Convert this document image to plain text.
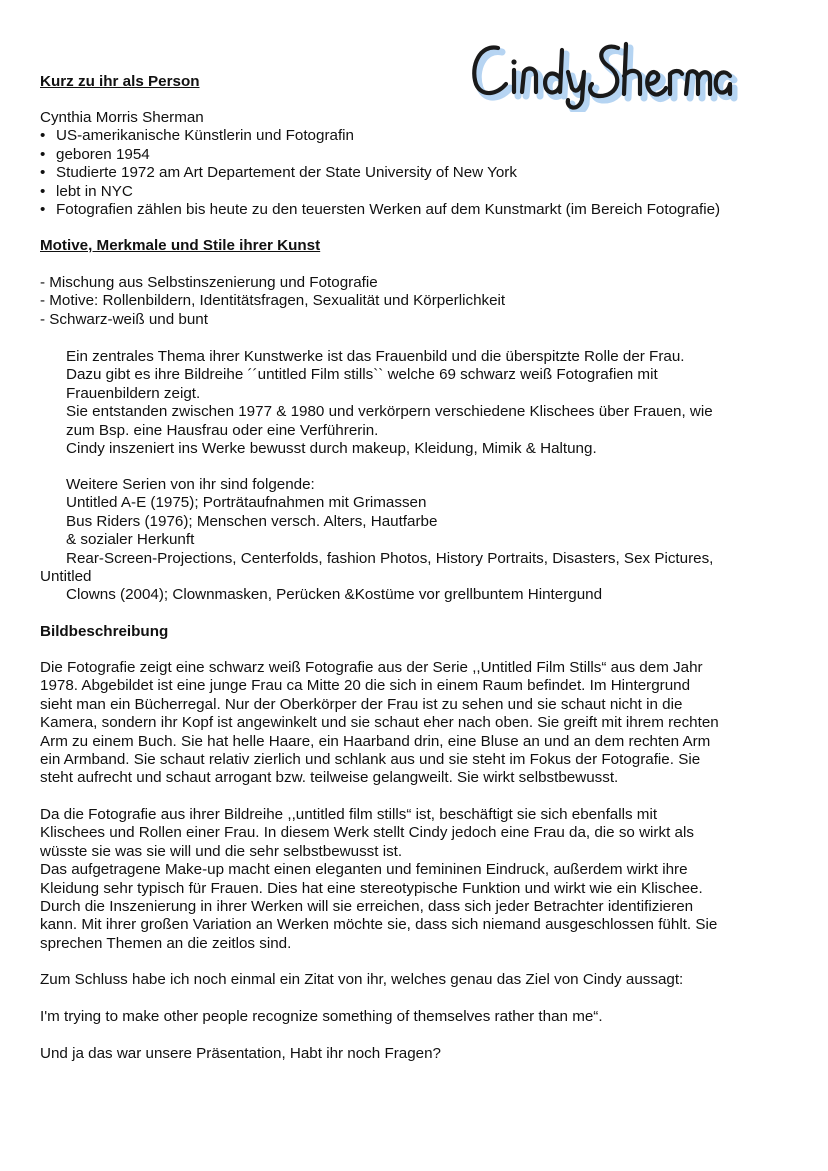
Kurz zu ihr als Person
Cynthia Morris Sherman
• US-amerikanische Künstlerin und Fotografin
• geboren 1954
• Studierte 1972 am Art Departement der State University of New York
• lebt in NYC
• Fotografien zählen bis heute zu den teuersten Werken auf dem Kunstmarkt (im Bereich Fotografie)
Motive, Merkmale und Stile ihrer Kunst
- Mischung aus Selbstinszenierung und Fotografie
- Motive: Rollenbildern, Identitätsfragen, Sexualität und Körperlichkeit
- Schwarz-weiß und bunt
Ein zentrales Thema ihrer Kunstwerke ist das Frauenbild und die überspitzte Rolle der Frau.
Dazu gibt es ihre Bildreihe ´´untitled Film stills`` welche 69 schwarz weiß Fotografien mit
Frauenbildern zeigt.
Sie entstanden zwischen 1977 & 1980 und verkörpern verschiedene Klischees über Frauen, wie
zum Bsp. eine Hausfrau oder eine Verführerin.
Cindy inszeniert ins Werke bewusst durch makeup, Kleidung, Mimik & Haltung.
Weitere Serien von ihr sind folgende:
Untitled A-E (1975); Porträtaufnahmen mit Grimassen
Bus Riders (1976); Menschen versch. Alters, Hautfarbe
& sozialer Herkunft
Rear-Screen-Projections, Centerfolds, fashion Photos, History Portraits, Disasters, Sex Pictures,
Untitled
Clowns (2004); Clownmasken, Perücken &Kostüme vor grellbuntem Hintergund
Bildbeschreibung
Die Fotografie zeigt eine schwarz weiß Fotografie aus der Serie ,,Untitled Film Stills“ aus dem Jahr
1978. Abgebildet ist eine junge Frau ca Mitte 20 die sich in einem Raum befindet. Im Hintergrund
sieht man ein Bücherregal. Nur der Oberkörper der Frau ist zu sehen und sie schaut nicht in die
Kamera, sondern ihr Kopf ist angewinkelt und sie schaut eher nach oben. Sie greift mit ihrem rechten
Arm zu einem Buch. Sie hat helle Haare, ein Haarband drin, eine Bluse an und an dem rechten Arm
ein Armband. Sie schaut relativ zierlich und schlank aus und sie steht im Fokus der Fotografie. Sie
steht aufrecht und schaut arrogant bzw. teilweise gelangweilt. Sie wirkt selbstbewusst.
Da die Fotografie aus ihrer Bildreihe ,,untitled film stills“ ist, beschäftigt sie sich ebenfalls mit
Klischees und Rollen einer Frau. In diesem Werk stellt Cindy jedoch eine Frau da, die so wirkt als
wüsste sie was sie will und die sehr selbstbewusst ist.
Das aufgetragene Make-up macht einen eleganten und femininen Eindruck, außerdem wirkt ihre
Kleidung sehr typisch für Frauen. Dies hat eine stereotypische Funktion und wirkt wie ein Klischee.
Durch die Inszenierung in ihrer Werken will sie erreichen, dass sich jeder Betrachter identifizieren
kann. Mit ihrer großen Variation an Werken möchte sie, dass sich niemand ausgeschlossen fühlt. Sie
sprechen Themen an die zeitlos sind.

Zum Schluss habe ich noch einmal ein Zitat von ihr, welches genau das Ziel von Cindy aussagt:

I'm trying to make other people recognize something of themselves rather than me“.

Und ja das war unsere Präsentation, Habt ihr noch Fragen?
